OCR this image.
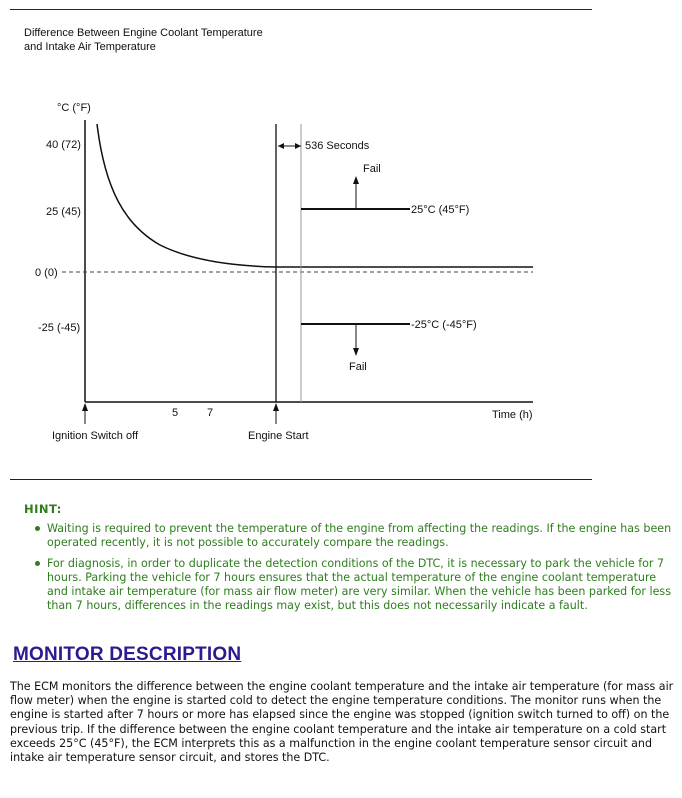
Difference Between Engine Coolant Temperature
and Intake Air Temperature
°C (°F)
40 (72)
25 (45)
0 (0)
-25 (-45)
536 Seconds
25°C (45°F)
Fail
-25°C (-45°F)
Fail
5	7	Time (h)
Ignition Switch off	Engine Start
HINT:
Waiting is required to prevent the temperature of the engine from affecting the readings. If the engine has been operated recently, it is not possible to accurately compare the readings.
For diagnosis, in order to duplicate the detection conditions of the DTC, it is necessary to park the vehicle for 7 hours. Parking the vehicle for 7 hours ensures that the actual temperature of the engine coolant temperature and intake air temperature (for mass air flow meter) are very similar. When the vehicle has been parked for less than 7 hours, differences in the readings may exist, but this does not necessarily indicate a fault.
MONITOR DESCRIPTION
The ECM monitors the difference between the engine coolant temperature and the intake air temperature (for mass air flow meter) when the engine is started cold to detect the engine temperature conditions. The monitor runs when the engine is started after 7 hours or more has elapsed since the engine was stopped (ignition switch turned to off) on the previous trip. If the difference between the engine coolant temperature and the intake air temperature on a cold start exceeds 25°C (45°F), the ECM interprets this as a malfunction in the engine coolant temperature sensor circuit and intake air temperature sensor circuit, and stores the DTC.
